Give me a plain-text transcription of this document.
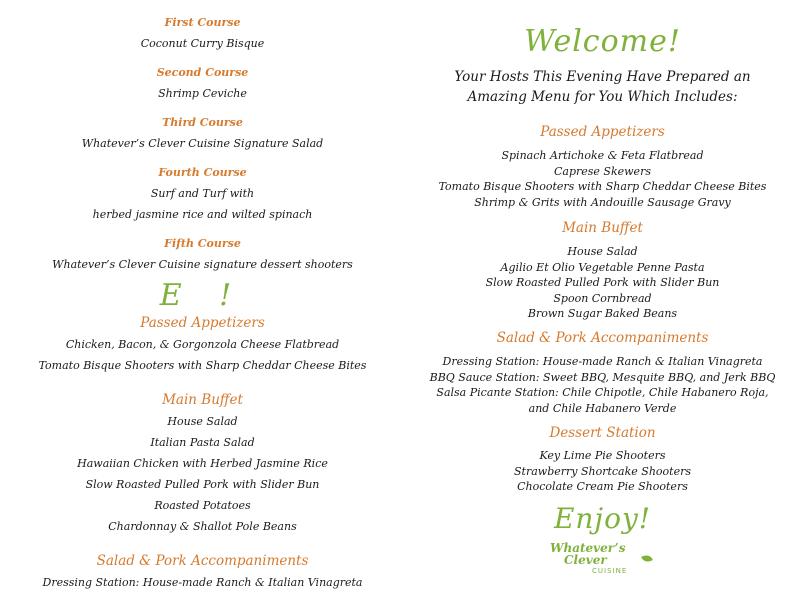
First Course
Coconut Curry Bisque
Second Course
Shrimp Ceviche
Third Course
Whatever’s Clever Cuisine Signature Salad
Fourth Course
Surf and Turf with
herbed jasmine rice and wilted spinach
Fifth Course
Whatever’s Clever Cuisine signature dessert shooters
E !
Passed Appetizers
Chicken, Bacon, & Gorgonzola Cheese Flatbread
Tomato Bisque Shooters with Sharp Cheddar Cheese Bites
Main Buffet
House Salad
Italian Pasta Salad
Hawaiian Chicken with Herbed Jasmine Rice
Slow Roasted Pulled Pork with Slider Bun
Roasted Potatoes
Chardonnay & Shallot Pole Beans
Salad & Pork Accompaniments
Dressing Station: House-made Ranch & Italian Vinagreta
Welcome!
Your Hosts This Evening Have Prepared an
Amazing Menu for You Which Includes:
Passed Appetizers
Spinach Artichoke & Feta Flatbread
Caprese Skewers
Tomato Bisque Shooters with Sharp Cheddar Cheese Bites
Shrimp & Grits with Andouille Sausage Gravy
Main Buffet
House Salad
Agilio Et Olio Vegetable Penne Pasta
Slow Roasted Pulled Pork with Slider Bun
Spoon Cornbread
Brown Sugar Baked Beans
Salad & Pork Accompaniments
Dressing Station: House-made Ranch & Italian Vinagreta
BBQ Sauce Station: Sweet BBQ, Mesquite BBQ, and Jerk BBQ
Salsa Picante Station: Chile Chipotle, Chile Habanero Roja,
and Chile Habanero Verde
Dessert Station
Key Lime Pie Shooters
Strawberry Shortcake Shooters
Chocolate Cream Pie Shooters
Enjoy!
Whatever’s
Clever
CUISINE
